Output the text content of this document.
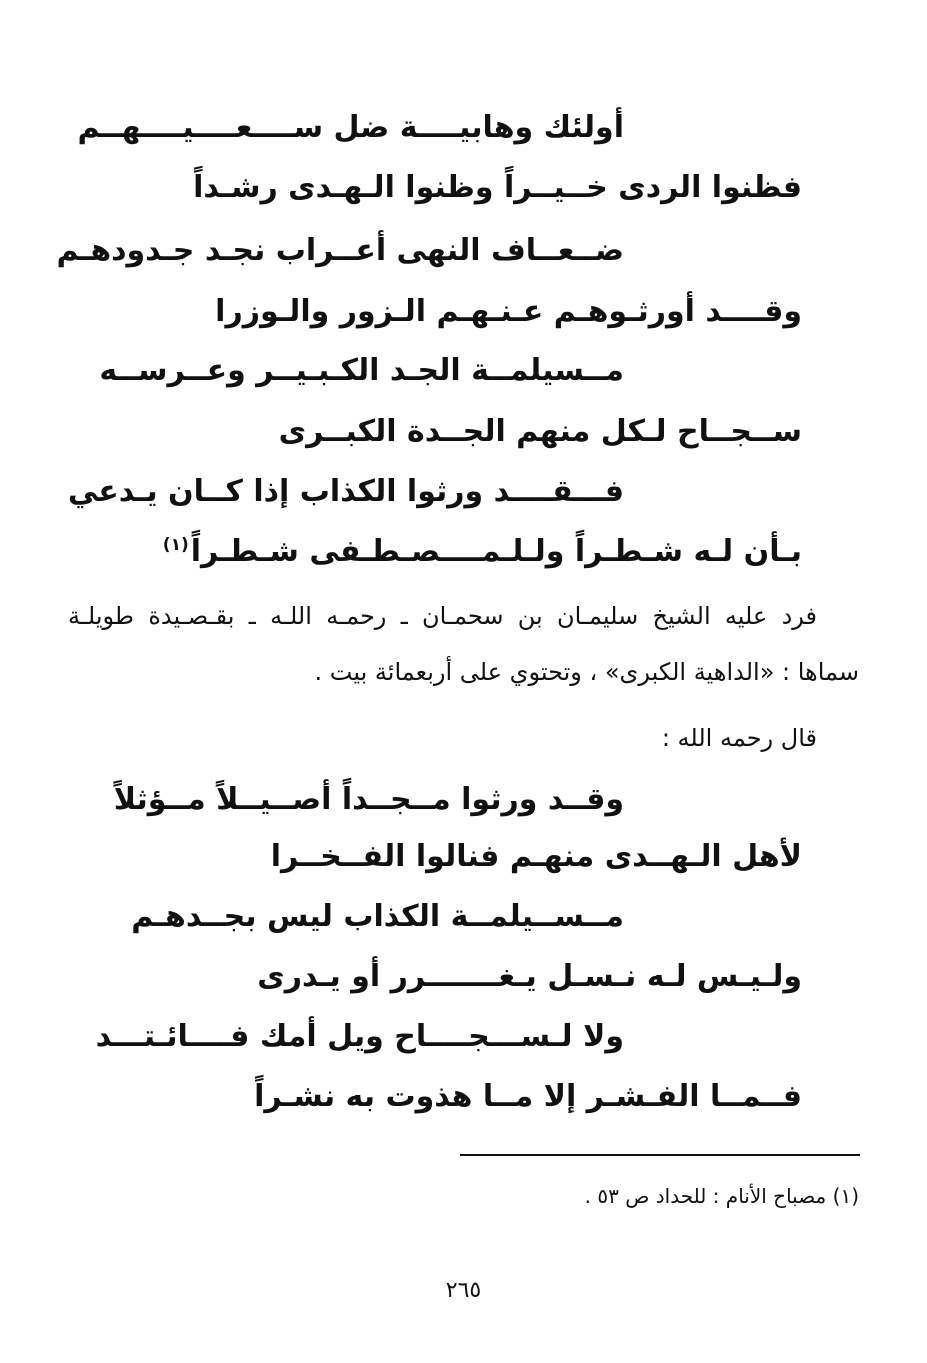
أولئك وهابيــــة ضل ســــعــــيــــهــم
فظنوا الردى خــيــراً وظنوا الـهـدى رشـداً
ضــعــاف النهى أعــراب نجـد جـدودهـم
وقــــد أورثـوهـم عـنـهـم الـزور والـوزرا
مــسيلمــة الجـد الكـبـيــر وعــرســه
ســجــاح لـكل منهم الجــدة الكبــرى
فـــقــــد ورثوا الكذاب إذا كــان يـدعي
بـأن لـه شـطـراً ولـلـمــــصـطـفى شـطـراً$^{(١)}$
فرد عليه الشيخ سليمـان بن سحمـان ـ رحمـه اللـه ـ بقـصـيدة طويلـة
سماها : «الداهية الكبرى» ، وتحتوي على أربعمائة بيت .
قال رحمه الله :
وقــد ورثوا مــجــداً أصــيــلاً مــؤثلاً
لأهل الـهــدى منهـم فنالوا الفــخــرا
مــســيلمــة الكذاب ليس بجــدهـم
ولـيـس لـه نـسـل يـغـــــــرر أو يـدرى
ولا لـســـجــــاح ويل أمك فــــائـتـــد
فــمــا الفـشـر إلا مــا هذوت به نشـراً
(١) مصباح الأنام : للحداد ص ٥٣ .
٢٦٥
